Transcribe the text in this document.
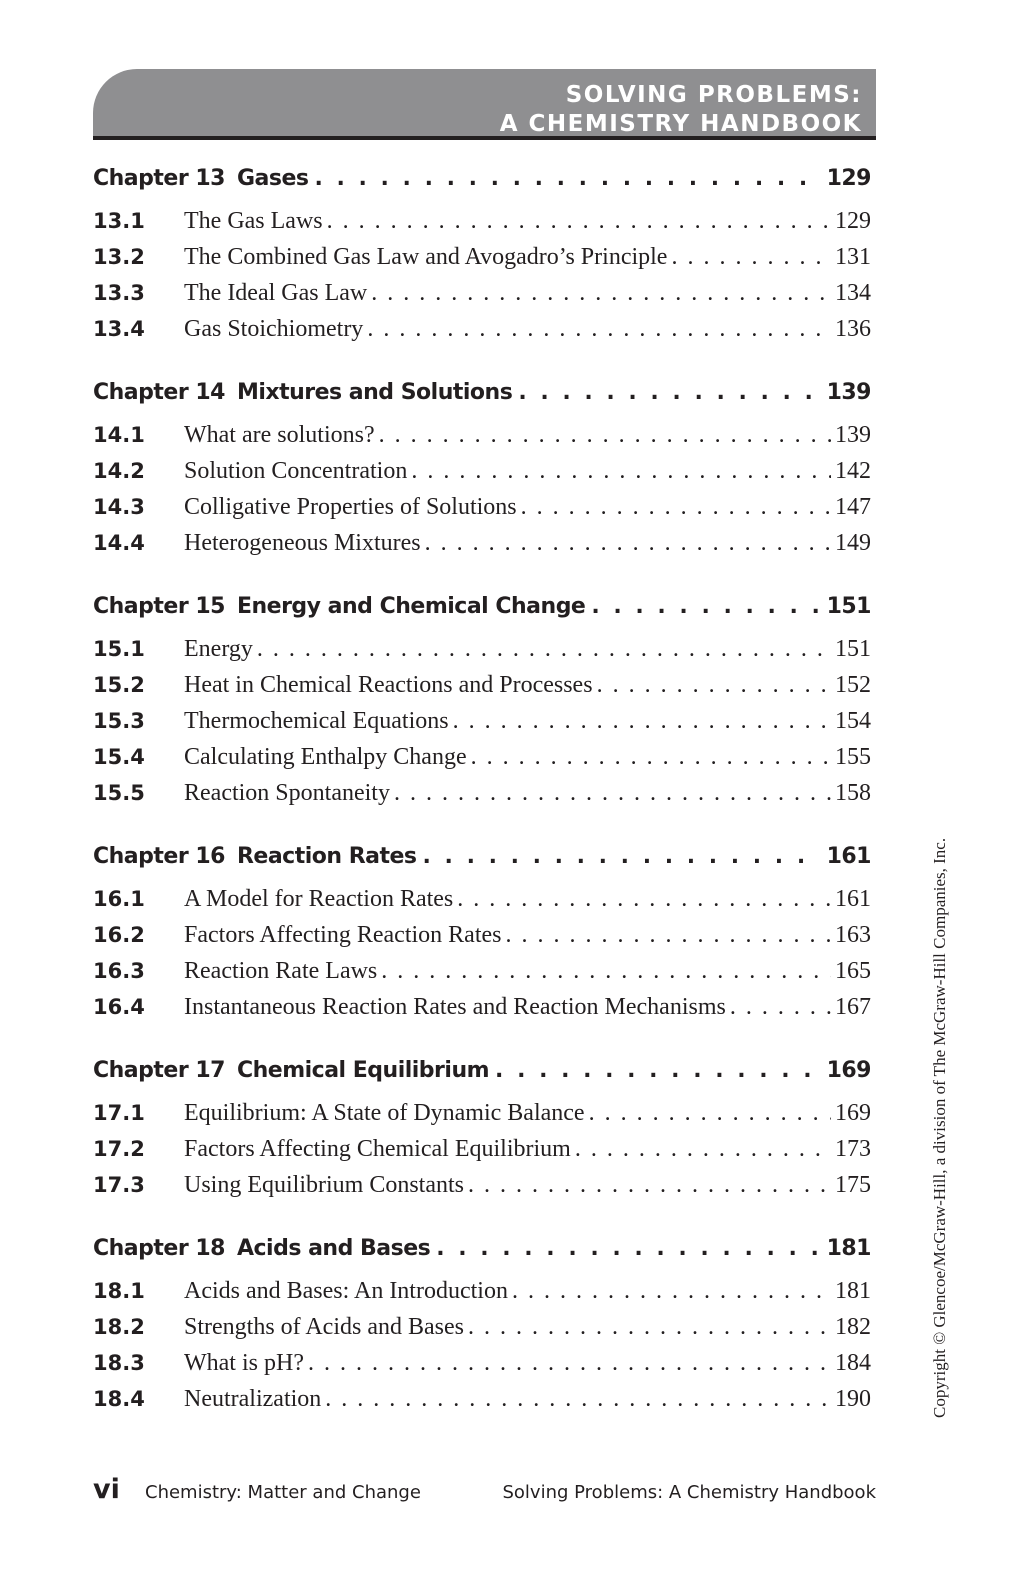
SOLVING PROBLEMS:
A CHEMISTRY HANDBOOK
Chapter 13 Gases . . .	129
13.1	The Gas Laws . . .	129
13.2	The Combined Gas Law and Avogadro’s Principle . . .	131
13.3	The Ideal Gas Law . . .	134
13.4	Gas Stoichiometry . . .	136
Chapter 14 Mixtures and Solutions . . .	139
14.1	What are solutions? . . .	139
14.2	Solution Concentration . . .	142
14.3	Colligative Properties of Solutions . . .	147
14.4	Heterogeneous Mixtures . . .	149
Chapter 15 Energy and Chemical Change . . .	151
15.1	Energy . . .	151
15.2	Heat in Chemical Reactions and Processes . . .	152
15.3	Thermochemical Equations . . .	154
15.4	Calculating Enthalpy Change . . .	155
15.5	Reaction Spontaneity . . .	158
Chapter 16 Reaction Rates . . .	161
16.1	A Model for Reaction Rates . . .	161
16.2	Factors Affecting Reaction Rates . . .	163
16.3	Reaction Rate Laws . . .	165
16.4	Instantaneous Reaction Rates and Reaction Mechanisms . . .	167
Chapter 17 Chemical Equilibrium . . .	169
17.1	Equilibrium: A State of Dynamic Balance . . .	169
17.2	Factors Affecting Chemical Equilibrium . . .	173
17.3	Using Equilibrium Constants . . .	175
Chapter 18 Acids and Bases . . .	181
18.1	Acids and Bases: An Introduction . . .	181
18.2	Strengths of Acids and Bases . . .	182
18.3	What is pH? . . .	184
18.4	Neutralization . . .	190	Copyright © Glencoe/McGraw-Hill, a division of The McGraw-Hill Companies, Inc.
vi Chemistry: Matter and Change	Solving Problems: A Chemistry Handbook
